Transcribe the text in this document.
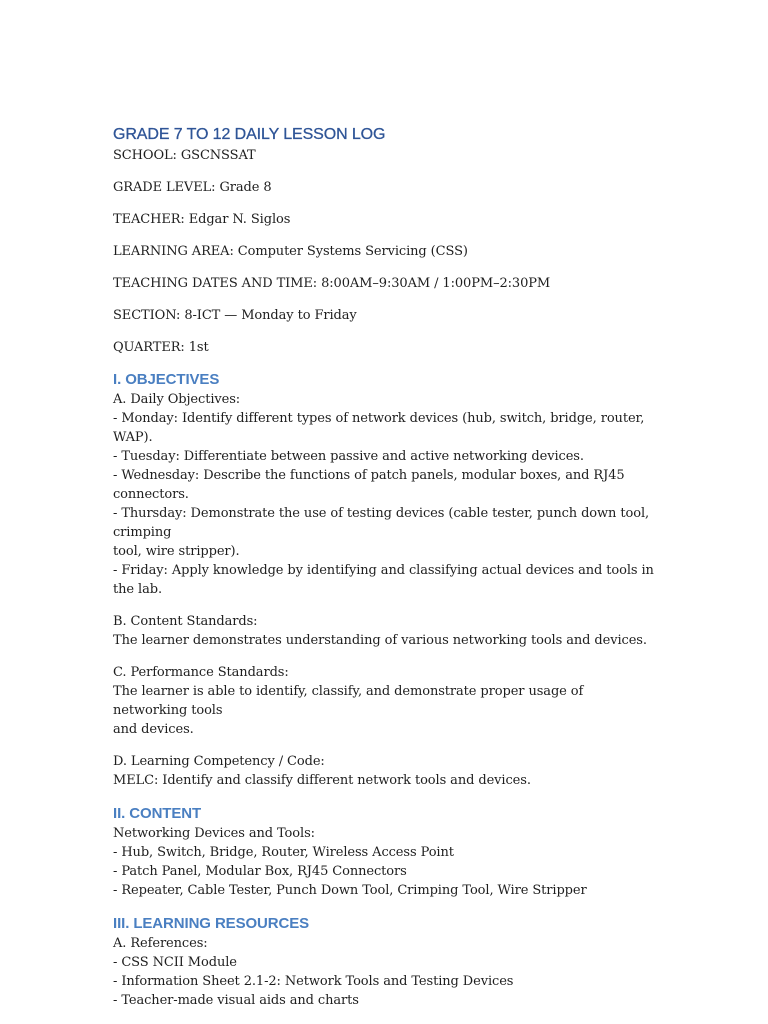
GRADE 7 TO 12 DAILY LESSON LOG

SCHOOL: GSCNSSAT

GRADE LEVEL: Grade 8

TEACHER: Edgar N. Siglos

LEARNING AREA: Computer Systems Servicing (CSS)

TEACHING DATES AND TIME: 8:00AM–9:30AM / 1:00PM–2:30PM

SECTION: 8-ICT — Monday to Friday

QUARTER: 1st

I. OBJECTIVES
A. Daily Objectives:
- Monday: Identify different types of network devices (hub, switch, bridge, router, WAP).
- Tuesday: Differentiate between passive and active networking devices.
- Wednesday: Describe the functions of patch panels, modular boxes, and RJ45 connectors.
- Thursday: Demonstrate the use of testing devices (cable tester, punch down tool, crimping
tool, wire stripper).
- Friday: Apply knowledge by identifying and classifying actual devices and tools in the lab.
B. Content Standards:
The learner demonstrates understanding of various networking tools and devices.
C. Performance Standards:
The learner is able to identify, classify, and demonstrate proper usage of networking tools
and devices.
D. Learning Competency / Code:
MELC: Identify and classify different network tools and devices.
II. CONTENT
Networking Devices and Tools:
- Hub, Switch, Bridge, Router, Wireless Access Point
- Patch Panel, Modular Box, RJ45 Connectors
- Repeater, Cable Tester, Punch Down Tool, Crimping Tool, Wire Stripper
III. LEARNING RESOURCES
A. References:
- CSS NCII Module
- Information Sheet 2.1-2: Network Tools and Testing Devices
- Teacher-made visual aids and charts
